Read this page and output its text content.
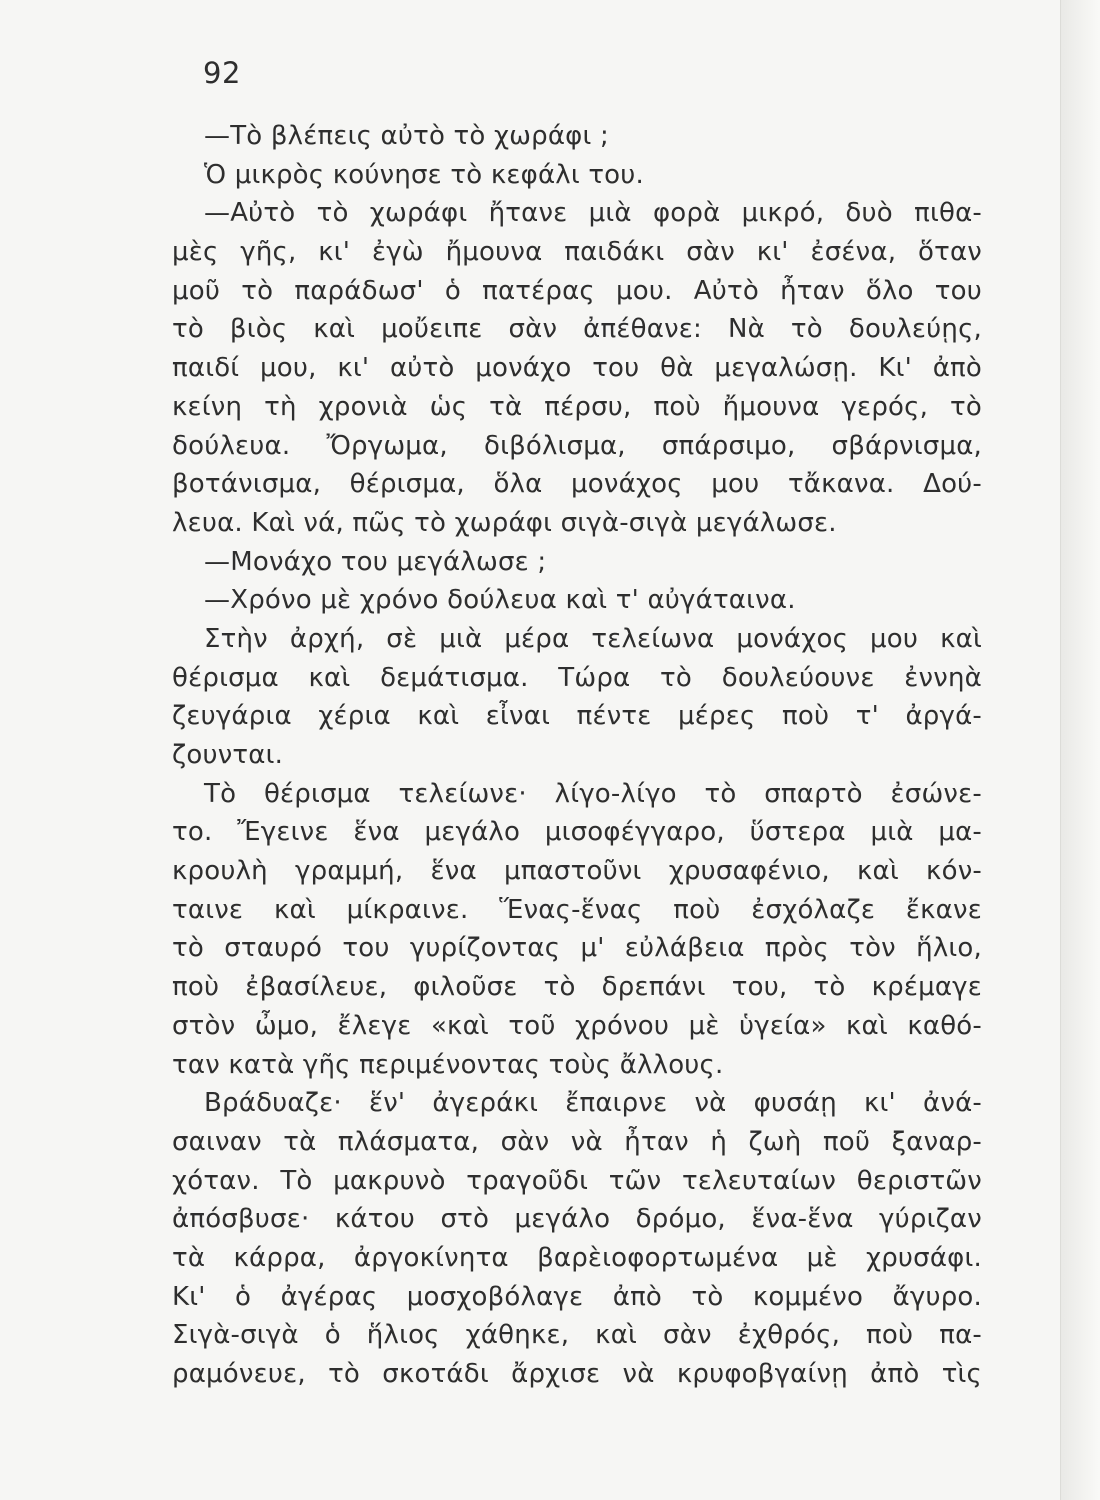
92
—Τὸ βλέπεις αὐτὸ τὸ χωράφι ;
Ὁ μικρὸς κούνησε τὸ κεφάλι του.
—Αὐτὸ τὸ χωράφι ἤτανε μιὰ φορὰ μικρό, δυὸ πιθα-
μὲς γῆς, κι' ἐγὼ ἤμουνα παιδάκι σὰν κι' ἐσένα, ὅταν
μοῦ τὸ παράδωσ' ὁ πατέρας μου. Αὐτὸ ἦταν ὅλο του
τὸ βιὸς καὶ μοὔειπε σὰν ἀπέθανε: Νὰ τὸ δουλεύῃς,
παιδί μου, κι' αὐτὸ μονάχο του θὰ μεγαλώσῃ. Κι' ἀπὸ
κείνη τὴ χρονιὰ ὡς τὰ πέρσυ, ποὺ ἤμουνα γερός, τὸ
δούλευα. Ὄργωμα, διβόλισμα, σπάρσιμο, σβάρνισμα,
βοτάνισμα, θέρισμα, ὅλα μονάχος μου τἄκανα. Δού-
λευα. Καὶ νά, πῶς τὸ χωράφι σιγὰ-σιγὰ μεγάλωσε.
—Μονάχο του μεγάλωσε ;
—Χρόνο μὲ χρόνο δούλευα καὶ τ' αὐγάταινα.
Στὴν ἀρχή, σὲ μιὰ μέρα τελείωνα μονάχος μου καὶ
θέρισμα καὶ δεμάτισμα. Τώρα τὸ δουλεύουνε ἐννηὰ
ζευγάρια χέρια καὶ εἶναι πέντε μέρες ποὺ τ' ἀργά-
ζουνται.
Τὸ θέρισμα τελείωνε· λίγο-λίγο τὸ σπαρτὸ ἐσώνε-
το. Ἔγεινε ἕνα μεγάλο μισοφέγγαρο, ὕστερα μιὰ μα-
κρουλὴ γραμμή, ἕνα μπαστοῦνι χρυσαφένιο, καὶ κόν-
ταινε καὶ μίκραινε. Ἕνας-ἕνας ποὺ ἐσχόλαζε ἔκανε
τὸ σταυρό του γυρίζοντας μ' εὐλάβεια πρὸς τὸν ἥλιο,
ποὺ ἐβασίλευε, φιλοῦσε τὸ δρεπάνι του, τὸ κρέμαγε
στὸν ὦμο, ἔλεγε «καὶ τοῦ χρόνου μὲ ὑγεία» καὶ καθό-
ταν κατὰ γῆς περιμένοντας τοὺς ἄλλους.
Βράδυαζε· ἕν' ἀγεράκι ἔπαιρνε νὰ φυσάῃ κι' ἀνά-
σαιναν τὰ πλάσματα, σὰν νὰ ἦταν ἡ ζωὴ ποῦ ξαναρ-
χόταν. Τὸ μακρυνὸ τραγοῦδι τῶν τελευταίων θεριστῶν
ἀπόσβυσε· κάτου στὸ μεγάλο δρόμο, ἕνα-ἕνα γύριζαν
τὰ κάρρα, ἀργοκίνητα βαρὲιοφορτωμένα μὲ χρυσάφι.
Κι' ὁ ἀγέρας μοσχοβόλαγε ἀπὸ τὸ κομμένο ἄγυρο.
Σιγὰ-σιγὰ ὁ ἥλιος χάθηκε, καὶ σὰν ἐχθρός, ποὺ πα-
ραμόνευε, τὸ σκοτάδι ἄρχισε νὰ κρυφοβγαίνῃ ἀπὸ τὶς
